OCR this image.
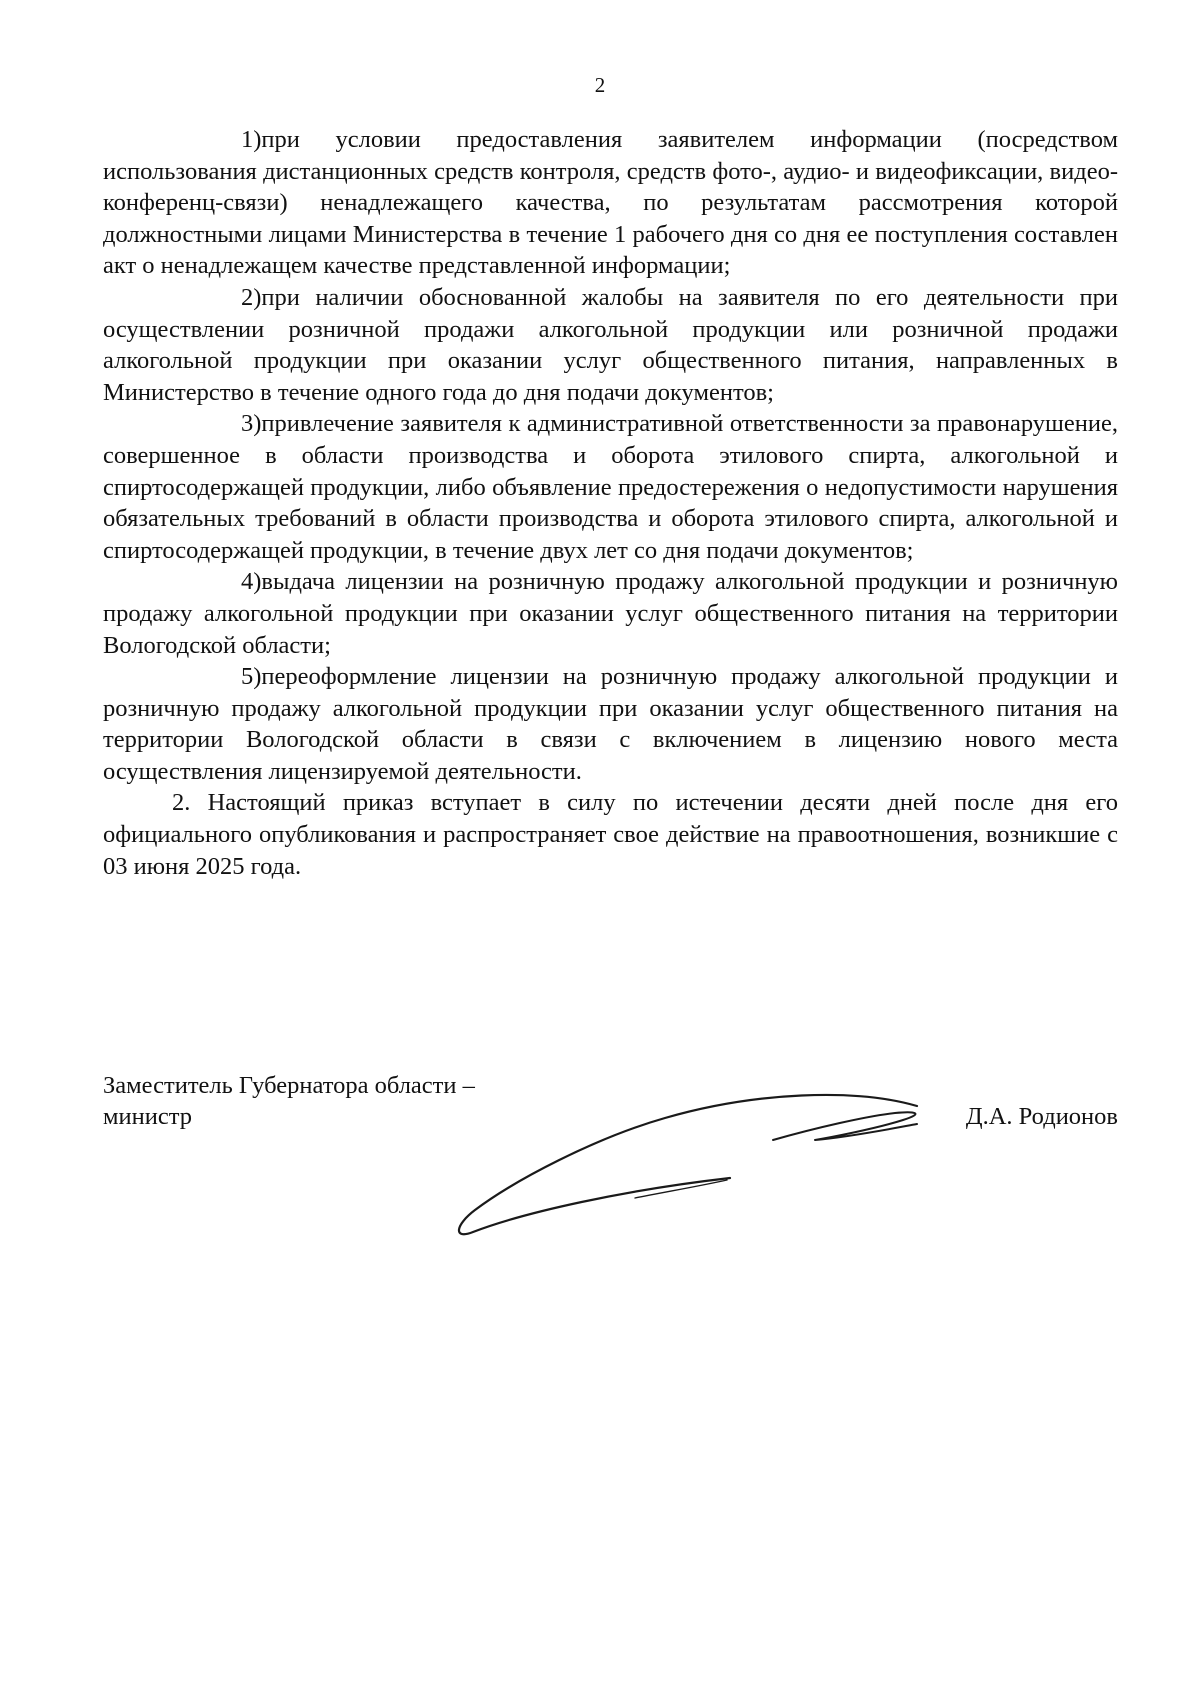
2

1)при условии предоставления заявителем информации (посредством использования дистанционных средств контроля, средств фото-, аудио- и видеофиксации, видео-конференц-связи) ненадлежащего качества, по результатам рассмотрения которой должностными лицами Министерства в течение 1 рабочего дня со дня ее поступления составлен акт о ненадлежащем качестве представленной информации;

2)при наличии обоснованной жалобы на заявителя по его деятельности при осуществлении розничной продажи алкогольной продукции или розничной продажи алкогольной продукции при оказании услуг общественного питания, направленных в Министерство в течение одного года до дня подачи документов;

3)привлечение заявителя к административной ответственности за правонарушение, совершенное в области производства и оборота этилового спирта, алкогольной и спиртосодержащей продукции, либо объявление предостережения о недопустимости нарушения обязательных требований в области производства и оборота этилового спирта, алкогольной и спиртосодержащей продукции, в течение двух лет со дня подачи документов;

4)выдача лицензии на розничную продажу алкогольной продукции и розничную продажу алкогольной продукции при оказании услуг общественного питания на территории Вологодской области;

5)переоформление лицензии на розничную продажу алкогольной продукции и розничную продажу алкогольной продукции при оказании услуг общественного питания на территории Вологодской области в связи с включением в лицензию нового места осуществления лицензируемой деятельности.

2. Настоящий приказ вступает в силу по истечении десяти дней после дня его официального опубликования и распространяет свое действие на правоотношения, возникшие с 03 июня 2025 года.

Заместитель Губернатора области –
министр	Д.А. Родионов
